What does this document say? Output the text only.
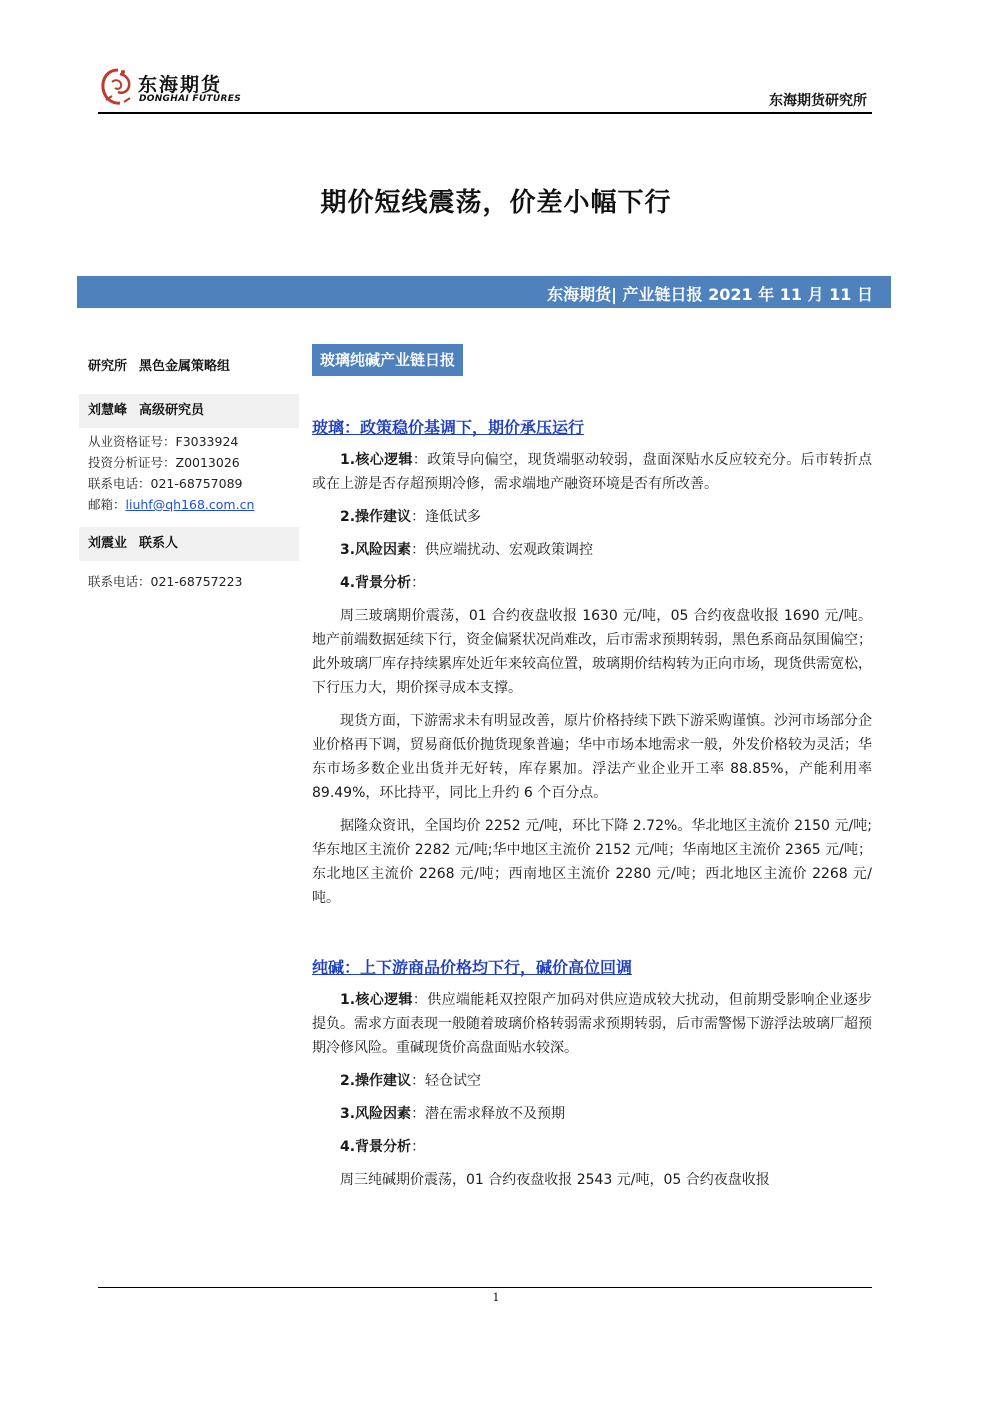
东海期货
DONGHAI FUTURES	东海期货研究所
期价短线震荡，价差小幅下行
东海期货| 产业链日报 2021 年 11 月 11 日
研究所 黑色金属策略组
刘慧峰 高级研究员
从业资格证号：F3033924
投资分析证号：Z0013026
联系电话：021-68757089
邮箱：liuhf@qh168.com.cn
刘震业 联系人
联系电话：021-68757223
玻璃纯碱产业链日报
玻璃：政策稳价基调下，期价承压运行
1.核心逻辑：政策导向偏空，现货端驱动较弱，盘面深贴水反应较充分。后市转折点或在上游是否存超预期冷修，需求端地产融资环境是否有所改善。
2.操作建议：逢低试多
3.风险因素：供应端扰动、宏观政策调控
4.背景分析：
周三玻璃期价震荡，01 合约夜盘收报 1630 元/吨，05 合约夜盘收报 1690 元/吨。地产前端数据延续下行，资金偏紧状况尚难改，后市需求预期转弱，黑色系商品氛围偏空；此外玻璃厂库存持续累库处近年来较高位置，玻璃期价结构转为正向市场，现货供需宽松，下行压力大，期价探寻成本支撑。
现货方面，下游需求未有明显改善，原片价格持续下跌下游采购谨慎。沙河市场部分企业价格再下调，贸易商低价抛货现象普遍；华中市场本地需求一般，外发价格较为灵活；华东市场多数企业出货并无好转，库存累加。浮法产业企业开工率 88.85%，产能利用率 89.49%，环比持平，同比上升约 6 个百分点。
据隆众资讯，全国均价 2252 元/吨，环比下降 2.72%。华北地区主流价 2150 元/吨;华东地区主流价 2282 元/吨;华中地区主流价 2152 元/吨；华南地区主流价 2365 元/吨；东北地区主流价 2268 元/吨；西南地区主流价 2280 元/吨；西北地区主流价 2268 元/吨。
纯碱：上下游商品价格均下行，碱价高位回调
1.核心逻辑：供应端能耗双控限产加码对供应造成较大扰动，但前期受影响企业逐步提负。需求方面表现一般随着玻璃价格转弱需求预期转弱，后市需警惕下游浮法玻璃厂超预期冷修风险。重碱现货价高盘面贴水较深。
2.操作建议：轻仓试空
3.风险因素：潜在需求释放不及预期
4.背景分析：
周三纯碱期价震荡，01 合约夜盘收报 2543 元/吨，05 合约夜盘收报
1
